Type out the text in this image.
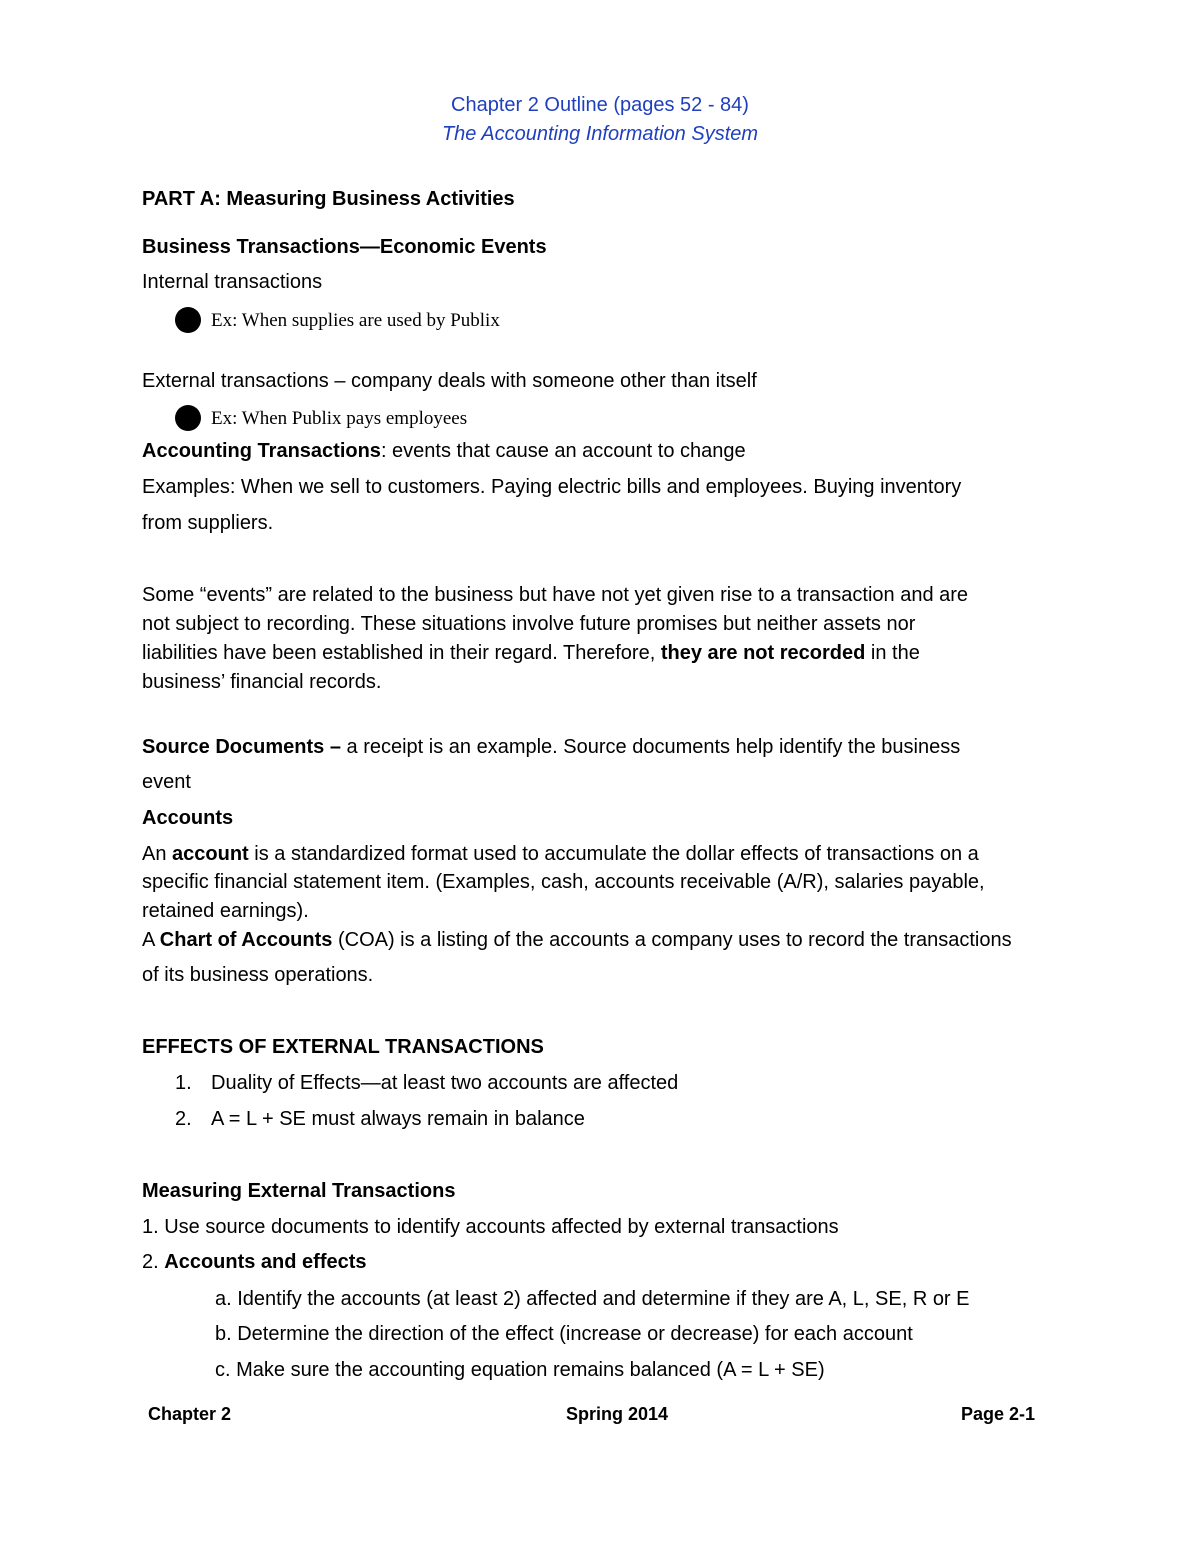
Chapter 2 Outline (pages 52 - 84)
The Accounting Information System
PART A: Measuring Business Activities
Business Transactions—Economic Events
Internal transactions
Ex: When supplies are used by Publix
External transactions – company deals with someone other than itself
Ex: When Publix pays employees
Accounting Transactions: events that cause an account to change
Examples: When we sell to customers. Paying electric bills and employees. Buying inventory
from suppliers.
Some “events” are related to the business but have not yet given rise to a transaction and are
not subject to recording. These situations involve future promises but neither assets nor
liabilities have been established in their regard. Therefore, they are not recorded in the
business’ financial records.
Source Documents – a receipt is an example. Source documents help identify the business
event
Accounts
An account is a standardized format used to accumulate the dollar effects of transactions on a
specific financial statement item. (Examples, cash, accounts receivable (A/R), salaries payable,
retained earnings).
A Chart of Accounts (COA) is a listing of the accounts a company uses to record the transactions
of its business operations.
EFFECTS OF EXTERNAL TRANSACTIONS
1. Duality of Effects—at least two accounts are affected
2. A = L + SE must always remain in balance
Measuring External Transactions
1. Use source documents to identify accounts affected by external transactions
2. Accounts and effects
a. Identify the accounts (at least 2) affected and determine if they are A, L, SE, R or E
b. Determine the direction of the effect (increase or decrease) for each account
c. Make sure the accounting equation remains balanced (A = L + SE)
Chapter 2	Spring 2014	Page 2-1
